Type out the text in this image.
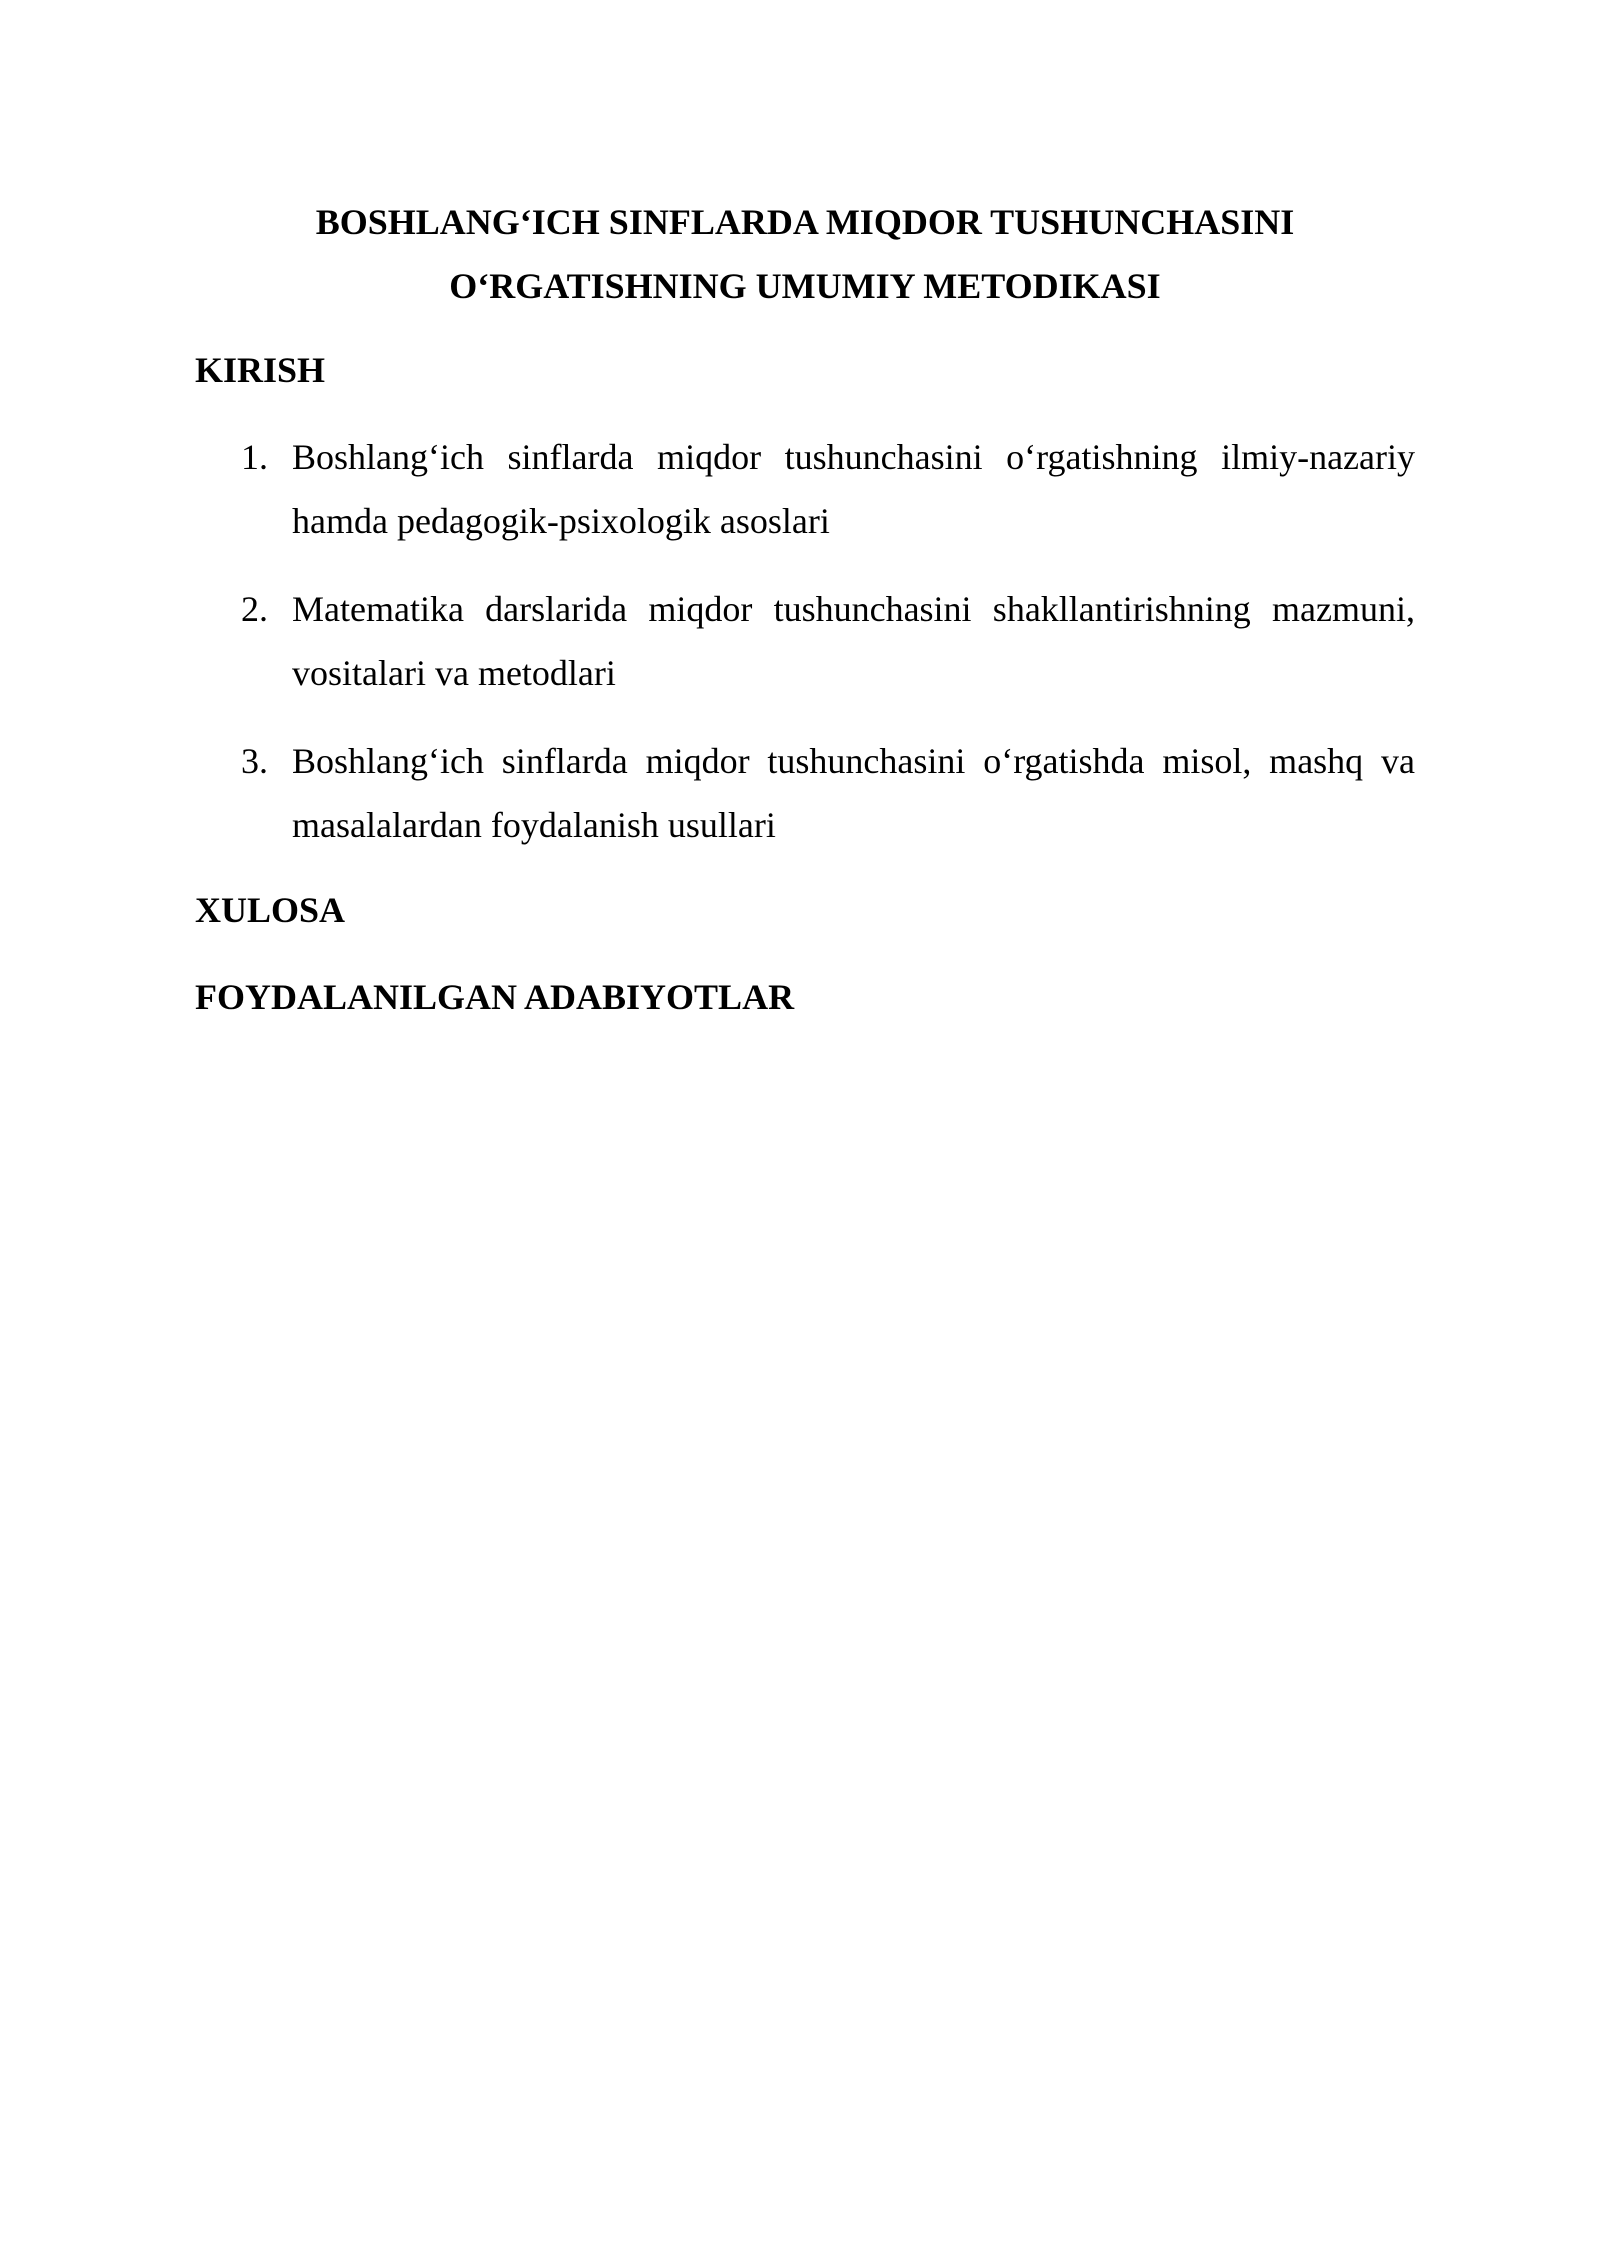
BOSHLANG‘ICH SINFLARDA MIQDOR TUSHUNCHASINI
O‘RGATISHNING UMUMIY METODIKASI
KIRISH
1. Boshlang‘ich sinflarda miqdor tushunchasini o‘rgatishning ilmiy-nazariy
hamda pedagogik-psixologik asoslari
2. Matematika darslarida miqdor tushunchasini shakllantirishning mazmuni,
vositalari va metodlari
3. Boshlang‘ich sinflarda miqdor tushunchasini o‘rgatishda misol, mashq va
masalalardan foydalanish usullari
XULOSA
FOYDALANILGAN ADABIYOTLAR
